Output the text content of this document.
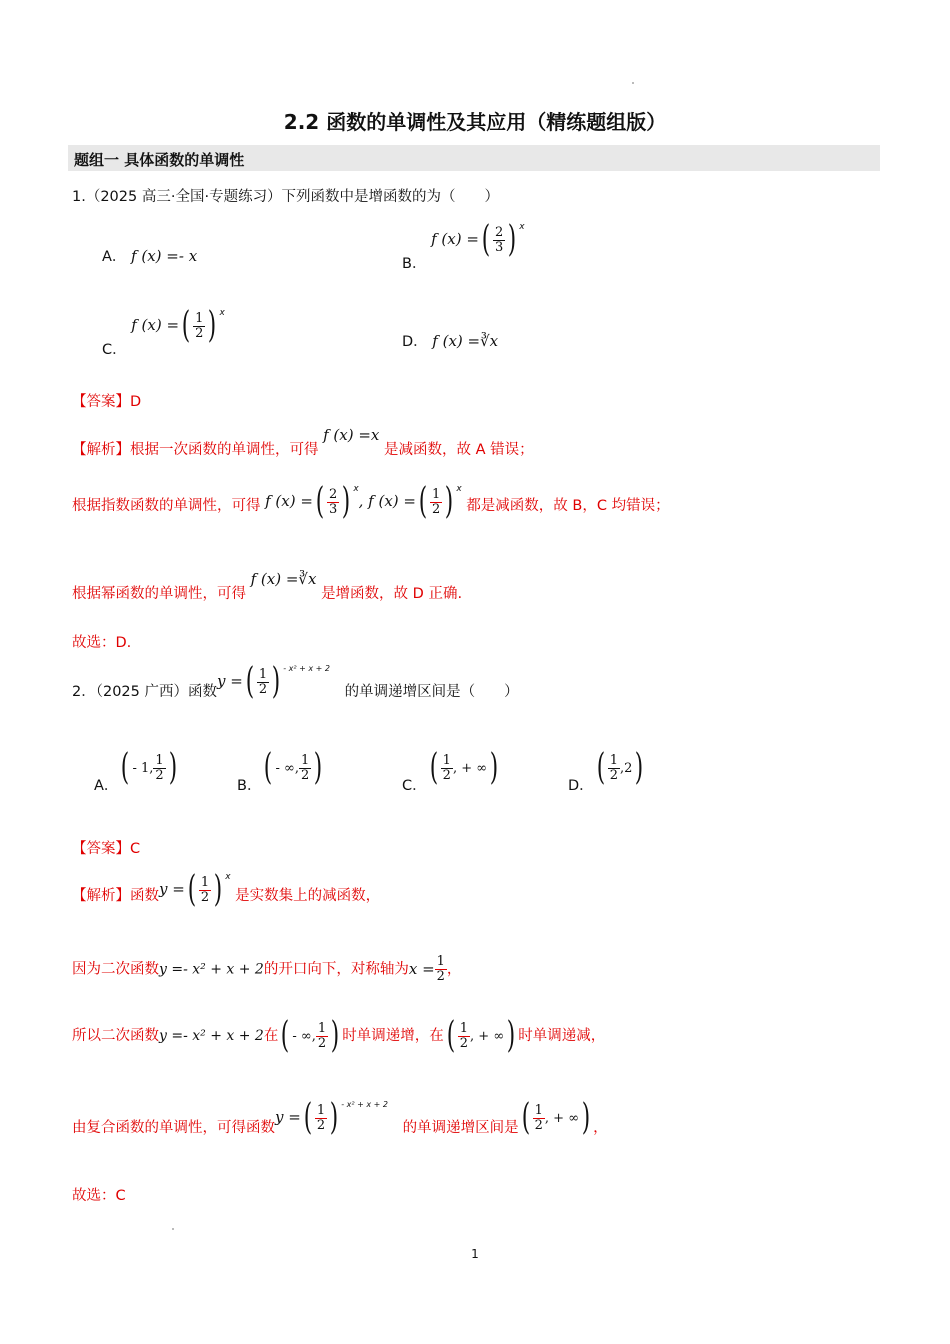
2.2 函数的单调性及其应用（精练题组版）
题组一 具体函数的单调性
1.（2025 高三·全国·专题练习）下列函数中是增函数的为（　　）
A． f (x) =- x	B． f (x) =( $\frac{2}{3}$ ) $^x$
C． f (x) =( $\frac{1}{2}$ ) $^x$
D． f (x) =∛x
【答案】D
【解析】根据一次函数的单调性，可得 f (x) =x 是减函数，故 A 错误；
根据指数函数的单调性，可得 f (x) =( $\frac{2}{3}$ ) $^x$, f (x) =( $\frac{1}{2}$ ) $^x$ 都是减函数，故 B，C 均错误；
根据幂函数的单调性，可得 f (x) =∛x 是增函数，故 D 正确.
故选：D.
2．（2025 广西）函数y =( $\frac{1}{2}$ ) $^{- x^2 + x + 2}$ 的单调递增区间是（　　）
A．( - 1, $\frac{1}{2}$ )	B．( - ∞, $\frac{1}{2}$ )	C．( $\frac{1}{2}$ , + ∞)	D．( $\frac{1}{2} ,2$)
【答案】C
【解析】函数y =( $\frac{1}{2}$ ) $^x$ 是实数集上的减函数，
因为二次函数y =- x² + x + 2的开口向下，对称轴为$x = \frac{1}{2}$ ，
所以二次函数y =- x² + x + 2在( - ∞, $\frac{1}{2}$ ) 时单调递增，在( $\frac{1}{2}$ , + ∞) 时单调递减，
由复合函数的单调性，可得函数y =( $\frac{1}{2}$ ) $^{- x^2 + x + 2}$ 的单调递增区间是( $\frac{1}{2}$ , + ∞) ，
故选：C
1
